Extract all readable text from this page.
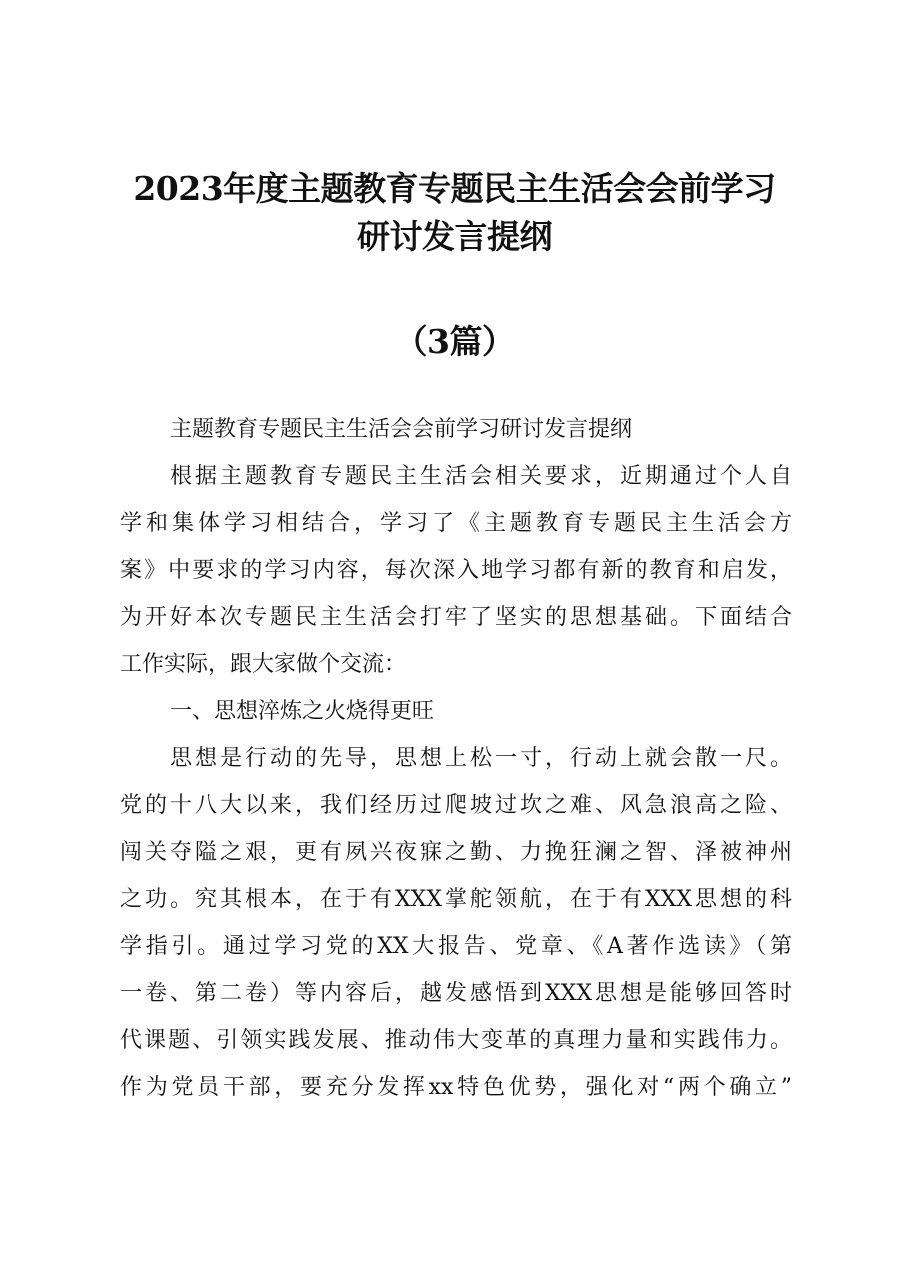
2023年度主题教育专题民主生活会会前学习
研讨发言提纲
（3篇）
主题教育专题民主生活会会前学习研讨发言提纲
根据主题教育专题民主生活会相关要求，近期通过个人自
学和集体学习相结合，学习了《主题教育专题民主生活会方
案》中要求的学习内容，每次深入地学习都有新的教育和启发，
为开好本次专题民主生活会打牢了坚实的思想基础。下面结合
工作实际，跟大家做个交流：
一、思想淬炼之火烧得更旺
思想是行动的先导，思想上松一寸，行动上就会散一尺。
党的十八大以来，我们经历过爬坡过坎之难、风急浪高之险、
闯关夺隘之艰，更有夙兴夜寐之勤、力挽狂澜之智、泽被神州
之功。究其根本，在于有XXX掌舵领航，在于有XXX思想的科
学指引。通过学习党的XX大报告、党章、《A著作选读》（第
一卷、第二卷）等内容后，越发感悟到XXX思想是能够回答时
代课题、引领实践发展、推动伟大变革的真理力量和实践伟力。
作为党员干部，要充分发挥xx特色优势，强化对“两个确立”
